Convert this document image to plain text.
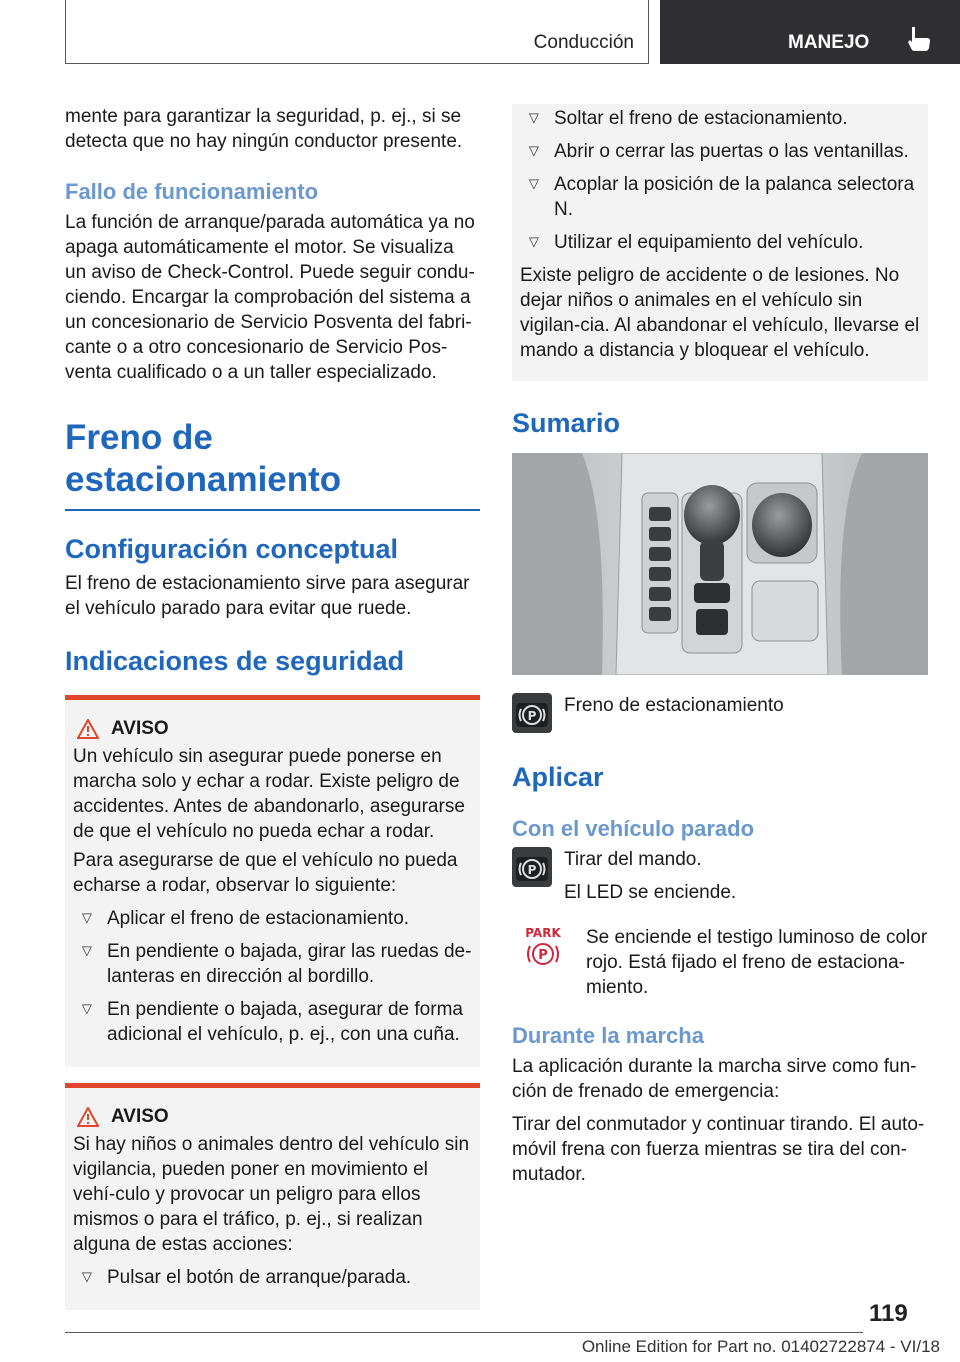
Conducción	MANEJO

mente para garantizar la seguridad, p. ej., si se detecta que no hay ningún conductor presente.

Fallo de funcionamiento

La función de arranque/parada automática ya no apaga automáticamente el motor. Se visualiza un aviso de Check-Control. Puede seguir condu‐ciendo. Encargar la comprobación del sistema a un concesionario de Servicio Posventa del fabri‐cante o a otro concesionario de Servicio Pos‐venta cualificado o a un taller especializado.

Freno de estacionamiento
Configuración conceptual

El freno de estacionamiento sirve para asegurar el vehículo parado para evitar que ruede.

Indicaciones de seguridad
AVISO

Un vehículo sin asegurar puede ponerse en marcha solo y echar a rodar. Existe peligro de accidentes. Antes de abandonarlo, asegurarse de que el vehículo no pueda echar a rodar.

Para asegurarse de que el vehículo no pueda echarse a rodar, observar lo siguiente:

▷ Aplicar el freno de estacionamiento.
▷ En pendiente o bajada, girar las ruedas de‐lanteras en dirección al bordillo.
▷ En pendiente o bajada, asegurar de forma adicional el vehículo, p. ej., con una cuña.
AVISO

Si hay niños o animales dentro del vehículo sin vigilancia, pueden poner en movimiento el vehí‐culo y provocar un peligro para ellos mismos o para el tráfico, p. ej., si realizan alguna de estas acciones:

▷ Pulsar el botón de arranque/parada.
▷ Soltar el freno de estacionamiento.
▷ Abrir o cerrar las puertas o las ventanillas.
▷ Acoplar la posición de la palanca selectora N.
▷ Utilizar el equipamiento del vehículo.

Existe peligro de accidente o de lesiones. No dejar niños o animales en el vehículo sin vigilan‐cia. Al abandonar el vehículo, llevarse el mando a distancia y bloquear el vehículo.

Sumario
P Freno de estacionamiento

Aplicar
Con el vehículo parado
P Tirar del mando.

El LED se enciende.

PARK
P

Se enciende el testigo luminoso de color rojo. Está fijado el freno de estaciona‐miento.

Durante la marcha

La aplicación durante la marcha sirve como fun‐ción de frenado de emergencia:

Tirar del conmutador y continuar tirando. El auto‐móvil frena con fuerza mientras se tira del con‐mutador.

119
Online Edition for Part no. 01402722874 - VI/18
